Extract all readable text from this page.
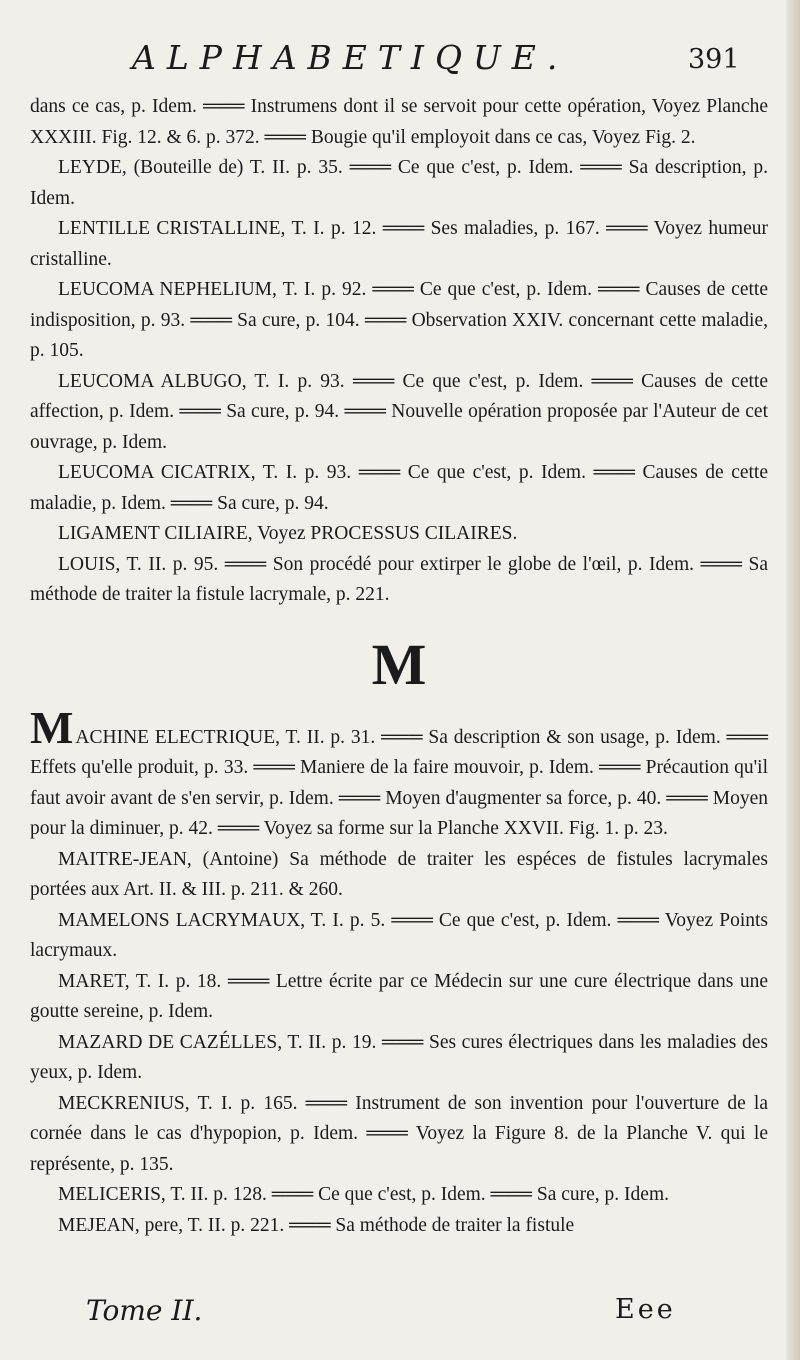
ALPHABETIQUE.	391

dans ce cas, p. Idem. ═══ Instrumens dont il se servoit pour cette opération, Voyez Planche XXXIII. Fig. 12. & 6. p. 372. ═══ Bougie qu'il employoit dans ce cas, Voyez Fig. 2.

LEYDE, (Bouteille de) T. II. p. 35. ═══ Ce que c'est, p. Idem. ═══ Sa description, p. Idem.

LENTILLE CRISTALLINE, T. I. p. 12. ═══ Ses maladies, p. 167. ═══ Voyez humeur cristalline.

LEUCOMA NEPHELIUM, T. I. p. 92. ═══ Ce que c'est, p. Idem. ═══ Causes de cette indisposition, p. 93. ═══ Sa cure, p. 104. ═══ Observation XXIV. concernant cette maladie, p. 105.

LEUCOMA ALBUGO, T. I. p. 93. ═══ Ce que c'est, p. Idem. ═══ Causes de cette affection, p. Idem. ═══ Sa cure, p. 94. ═══ Nouvelle opération proposée par l'Auteur de cet ouvrage, p. Idem.

LEUCOMA CICATRIX, T. I. p. 93. ═══ Ce que c'est, p. Idem. ═══ Causes de cette maladie, p. Idem. ═══ Sa cure, p. 94.

LIGAMENT CILIAIRE, Voyez PROCESSUS CILAIRES.

LOUIS, T. II. p. 95. ═══ Son procédé pour extirper le globe de l'œil, p. Idem. ═══ Sa méthode de traiter la fistule lacrymale, p. 221.

M

MACHINE ELECTRIQUE, T. II. p. 31. ═══ Sa description & son usage, p. Idem. ═══ Effets qu'elle produit, p. 33. ═══ Maniere de la faire mouvoir, p. Idem. ═══ Précaution qu'il faut avoir avant de s'en servir, p. Idem. ═══ Moyen d'augmenter sa force, p. 40. ═══ Moyen pour la diminuer, p. 42. ═══ Voyez sa forme sur la Planche XXVII. Fig. 1. p. 23.

MAITRE-JEAN, (Antoine) Sa méthode de traiter les espéces de fistules lacrymales portées aux Art. II. & III. p. 211. & 260.

MAMELONS LACRYMAUX, T. I. p. 5. ═══ Ce que c'est, p. Idem. ═══ Voyez Points lacrymaux.

MARET, T. I. p. 18. ═══ Lettre écrite par ce Médecin sur une cure électrique dans une goutte sereine, p. Idem.

MAZARD DE CAZÉLLES, T. II. p. 19. ═══ Ses cures électriques dans les maladies des yeux, p. Idem.

MECKRENIUS, T. I. p. 165. ═══ Instrument de son invention pour l'ouverture de la cornée dans le cas d'hypopion, p. Idem. ═══ Voyez la Figure 8. de la Planche V. qui le représente, p. 135.

MELICERIS, T. II. p. 128. ═══ Ce que c'est, p. Idem. ═══ Sa cure, p. Idem.

MEJEAN, pere, T. II. p. 221. ═══ Sa méthode de traiter la fistule

Tome II.	Eee
